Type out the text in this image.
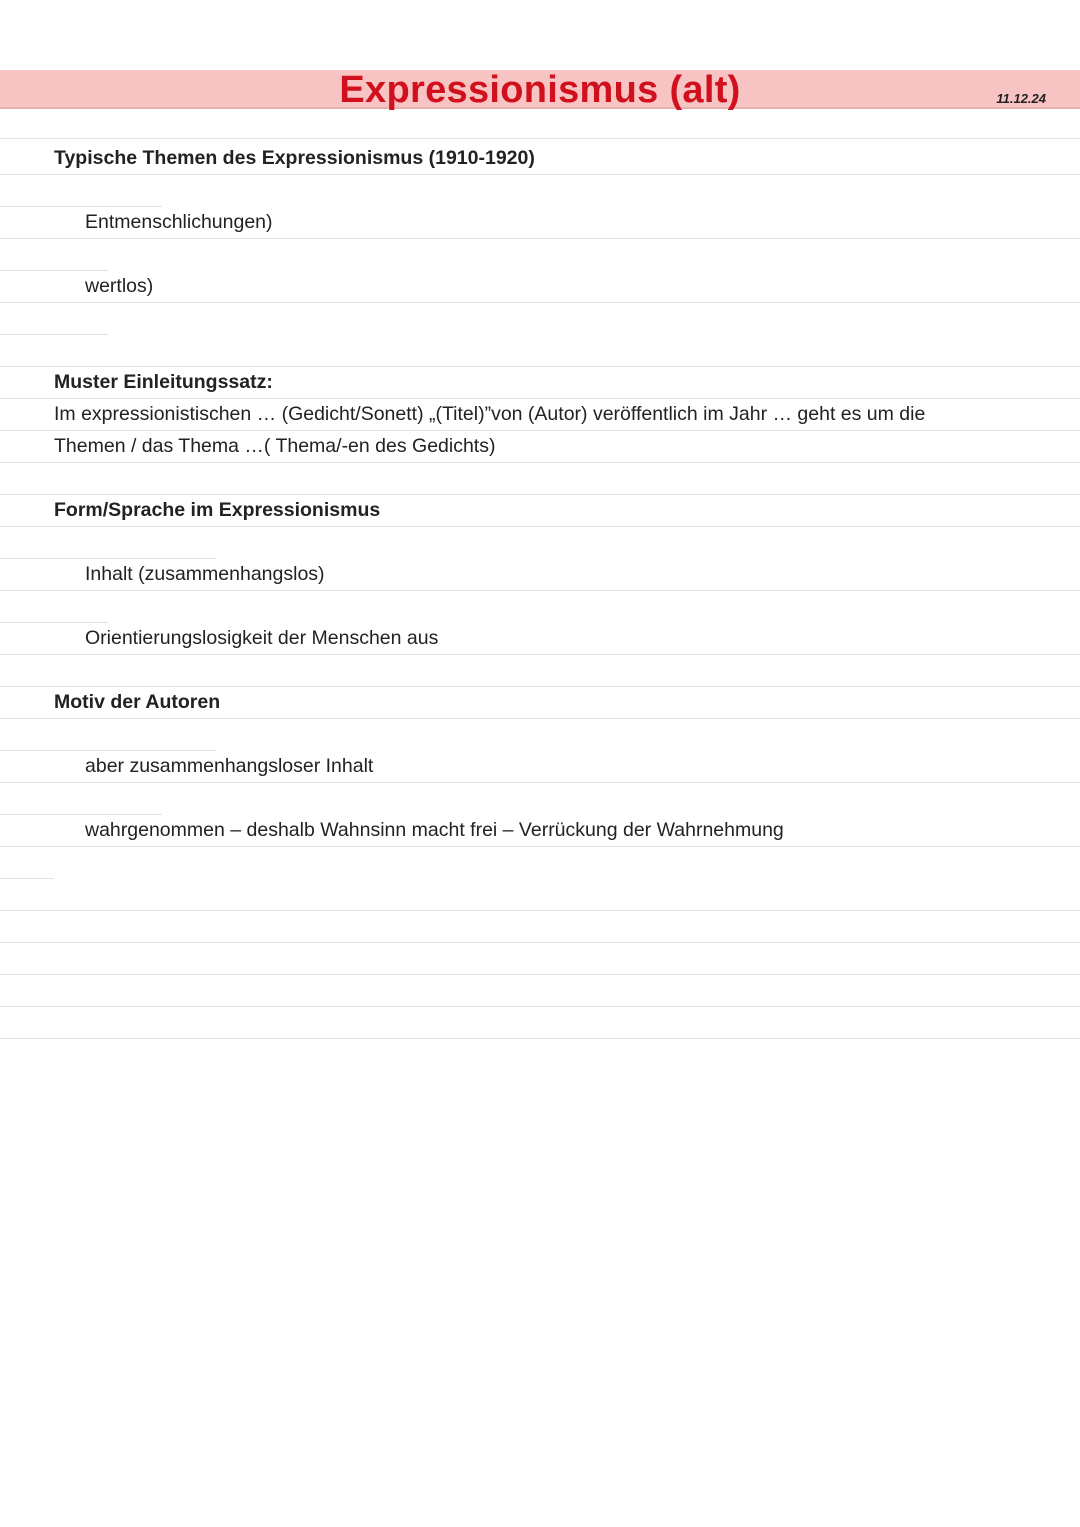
Expressionismus (alt)	11.12.24
Typische Themen des Expressionismus (1910-1920)
Entmenschlichungen)
wertlos)
Muster Einleitungssatz:
Im expressionistischen … (Gedicht/Sonett) „(Titel)”von (Autor) veröffentlich im Jahr … geht es um die
Themen / das Thema …( Thema/-en des Gedichts)
Form/Sprache im Expressionismus
Inhalt (zusammenhangslos)
Orientierungslosigkeit der Menschen aus
Motiv der Autoren
aber zusammenhangsloser Inhalt
wahrgenommen – deshalb Wahnsinn macht frei – Verrückung der Wahrnehmung
